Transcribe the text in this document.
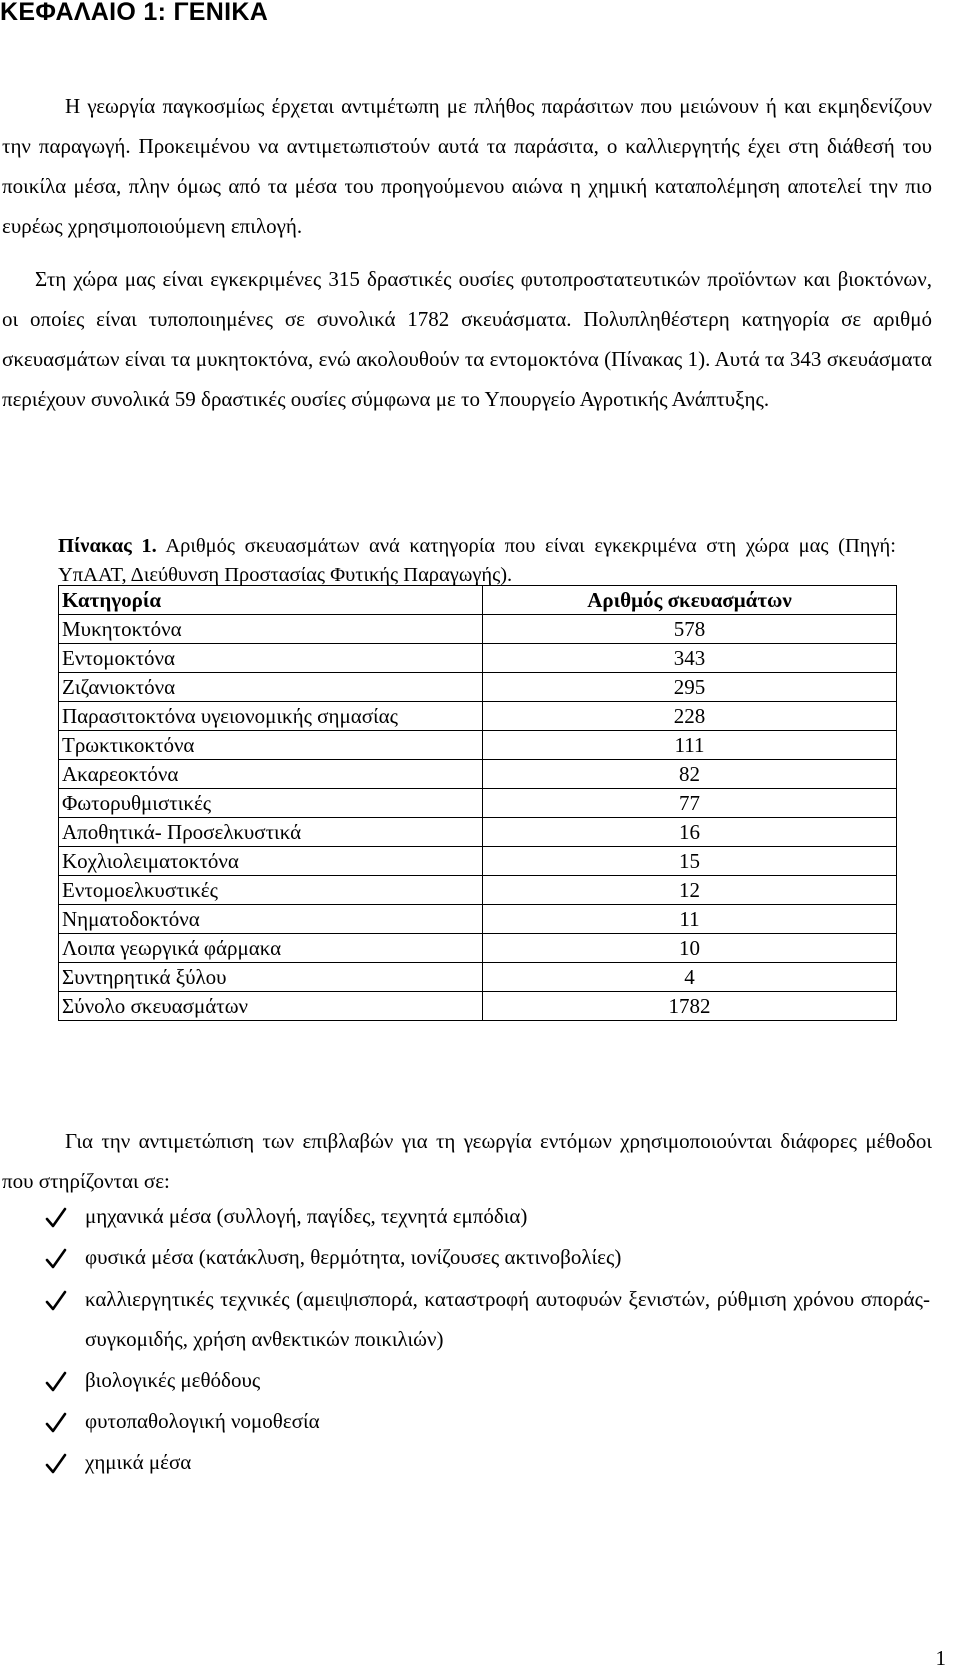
ΚΕΦΑΛΑΙΟ 1: ΓΕΝΙΚΑ

Η γεωργία παγκοσμίως έρχεται αντιμέτωπη με πλήθος παράσιτων που μειώνουν ή και εκμηδενίζουν την παραγωγή. Προκειμένου να αντιμετωπιστούν αυτά τα παράσιτα, ο καλλιεργητής έχει στη διάθεσή του ποικίλα μέσα, πλην όμως από τα μέσα του προηγούμενου αιώνα η χημική καταπολέμηση αποτελεί την πιο ευρέως χρησιμοποιούμενη επιλογή.

Στη χώρα μας είναι εγκεκριμένες 315 δραστικές ουσίες φυτοπροστατευτικών προϊόντων και βιοκτόνων, οι οποίες είναι τυποποιημένες σε συνολικά 1782 σκευάσματα. Πολυπληθέστερη κατηγορία σε αριθμό σκευασμάτων είναι τα μυκητοκτόνα, ενώ ακολουθούν τα εντομοκτόνα (Πίνακας 1). Αυτά τα 343 σκευάσματα περιέχουν συνολικά 59 δραστικές ουσίες σύμφωνα με το Υπουργείο Αγροτικής Ανάπτυξης.

Πίνακας 1. Αριθμός σκευασμάτων ανά κατηγορία που είναι εγκεκριμένα στη χώρα μας (Πηγή: ΥπΑΑΤ, Διεύθυνση Προστασίας Φυτικής Παραγωγής).

Κατηγορία	Αριθμός σκευασμάτων
Μυκητοκτόνα	578
Εντομοκτόνα	343
Ζιζανιοκτόνα	295
Παρασιτοκτόνα υγειονομικής σημασίας	228
Τρωκτικοκτόνα	111
Ακαρεοκτόνα	82
Φωτορυθμιστικές	77
Αποθητικά- Προσελκυστικά	16
Κοχλιολειματοκτόνα	15
Εντομοελκυστικές	12
Νηματοδοκτόνα	11
Λοιπα γεωργικά φάρμακα	10
Συντηρητικά ξύλου	4
Σύνολο σκευασμάτων	1782

Για την αντιμετώπιση των επιβλαβών για τη γεωργία εντόμων χρησιμοποιούνται διάφορες μέθοδοι που στηρίζονται σε:

μηχανικά μέσα (συλλογή, παγίδες, τεχνητά εμπόδια)

φυσικά μέσα (κατάκλυση, θερμότητα, ιονίζουσες ακτινοβολίες)

καλλιεργητικές τεχνικές (αμειψισπορά, καταστροφή αυτοφυών ξενιστών, ρύθμιση χρόνου σποράς- συγκομιδής, χρήση ανθεκτικών ποικιλιών)

βιολογικές μεθόδους

φυτοπαθολογική νομοθεσία

χημικά μέσα

1
